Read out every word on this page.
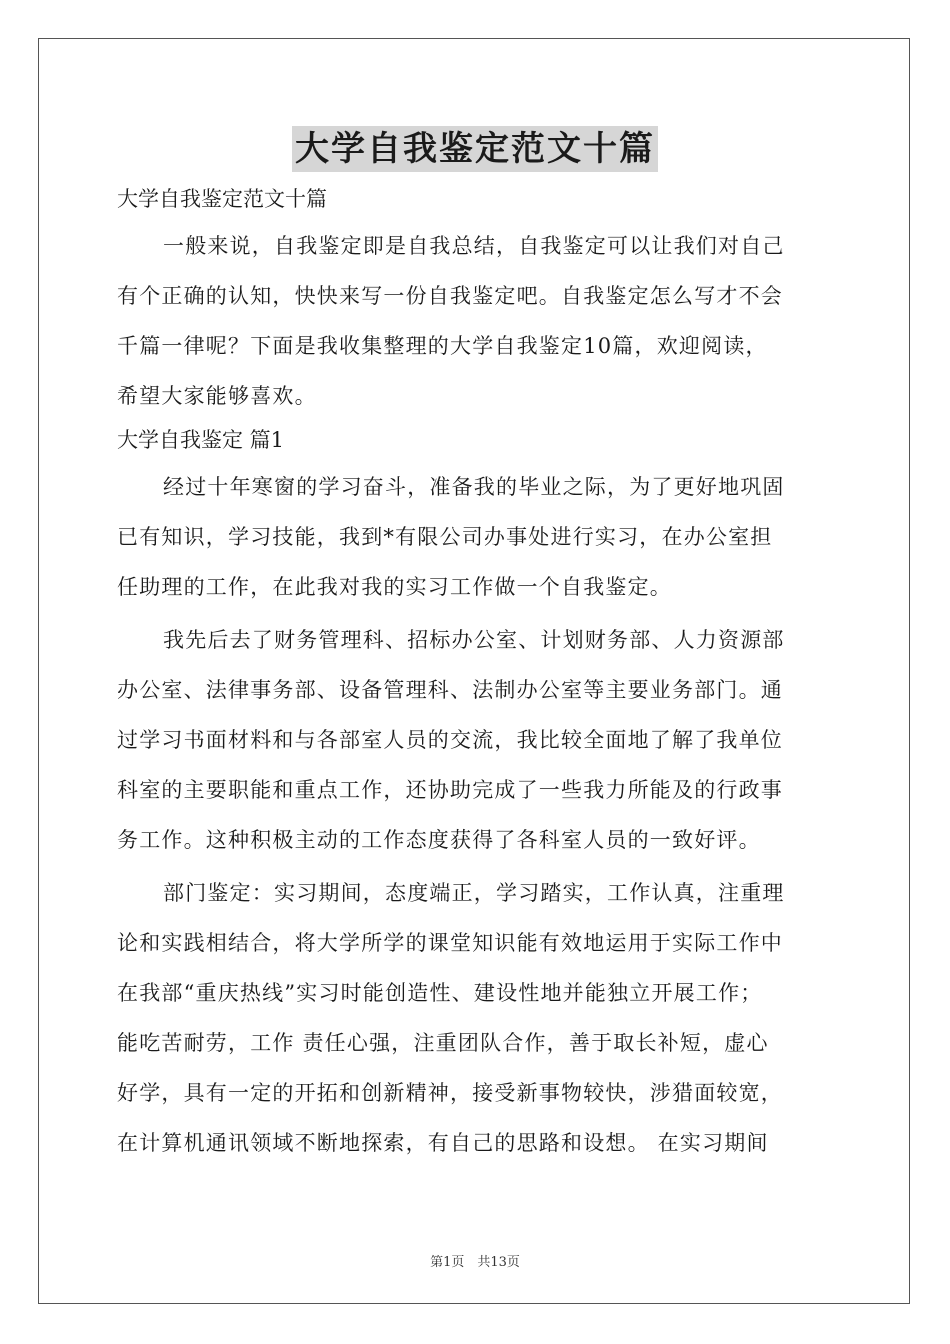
大学自我鉴定范文十篇
大学自我鉴定范文十篇
一般来说，自我鉴定即是自我总结，自我鉴定可以让我们对自己
有个正确的认知，快快来写一份自我鉴定吧。自我鉴定怎么写才不会
千篇一律呢？下面是我收集整理的大学自我鉴定10篇，欢迎阅读，
希望大家能够喜欢。
大学自我鉴定 篇1
经过十年寒窗的学习奋斗，准备我的毕业之际，为了更好地巩固
已有知识，学习技能，我到*有限公司办事处进行实习，在办公室担
任助理的工作，在此我对我的实习工作做一个自我鉴定。
我先后去了财务管理科、招标办公室、计划财务部、人力资源部
办公室、法律事务部、设备管理科、法制办公室等主要业务部门。通
过学习书面材料和与各部室人员的交流，我比较全面地了解了我单位
科室的主要职能和重点工作，还协助完成了一些我力所能及的行政事
务工作。这种积极主动的工作态度获得了各科室人员的一致好评。
部门鉴定：实习期间，态度端正，学习踏实，工作认真，注重理
论和实践相结合，将大学所学的课堂知识能有效地运用于实际工作中
在我部“重庆热线”实习时能创造性、建设性地并能独立开展工作；
能吃苦耐劳，工作 责任心强，注重团队合作，善于取长补短，虚心
好学，具有一定的开拓和创新精神，接受新事物较快，涉猎面较宽，
在计算机通讯领域不断地探索，有自己的思路和设想。 在实习期间
第1页　共13页
